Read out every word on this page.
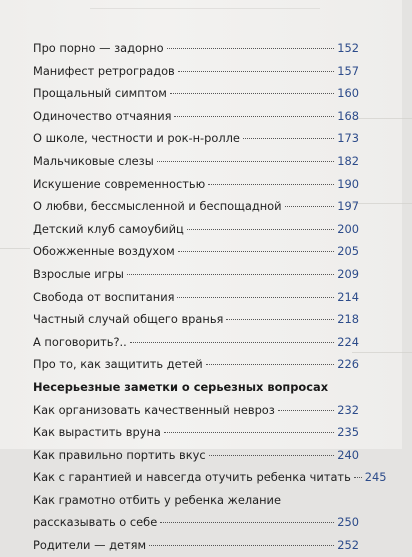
Про порно — задорно	152
Манифест ретроградов	157
Прощальный симптом	160
Одиночество отчаяния	168
О школе, честности и рок-н-ролле	173
Мальчиковые слезы	182
Искушение современностью	190
О любви, бессмысленной и беспощадной	197
Детский клуб самоубийц	200
Обожженные воздухом	205
Взрослые игры	209
Свобода от воспитания	214
Частный случай общего вранья	218
А поговорить?..	224
Про то, как защитить детей	226
Несерьезные заметки о серьезных вопросах
Как организовать качественный невроз	232
Как вырастить вруна	235
Как правильно портить вкус	240
Как с гарантией и навсегда отучить ребенка читать 245
Как грамотно отбить у ребенка желание
рассказывать о себе	250
Родители — детям	252
